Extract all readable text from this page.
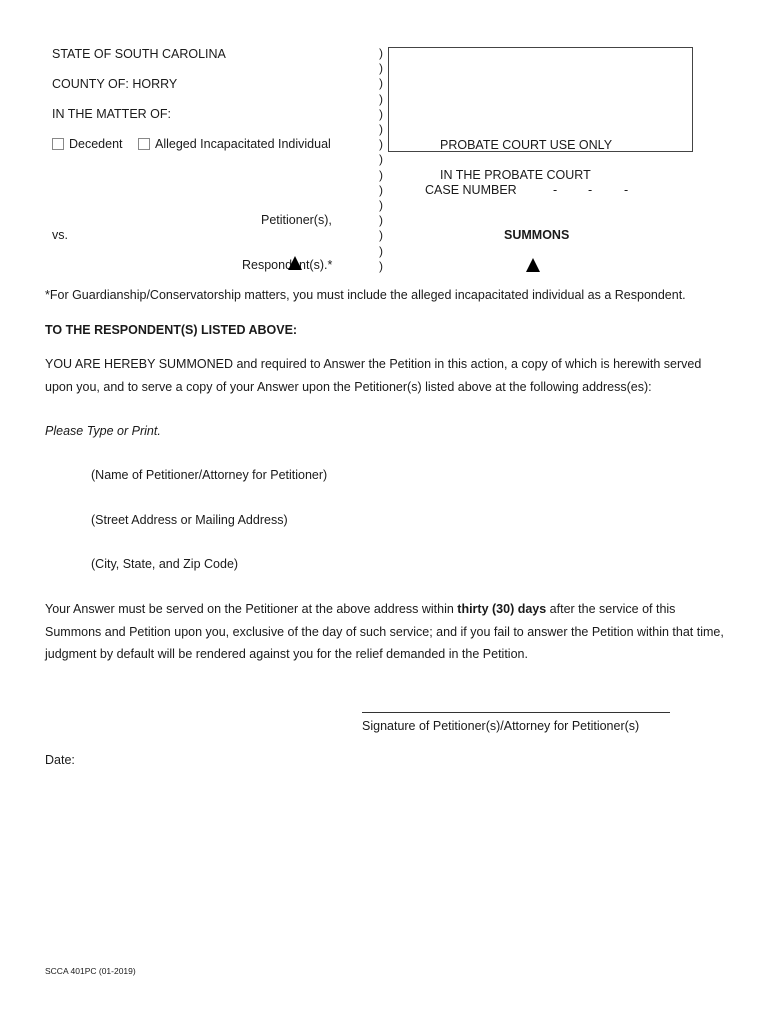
STATE OF SOUTH CAROLINA
COUNTY OF: HORRY
IN THE MATTER OF:
Decedent	Alleged Incapacitated Individual
Petitioner(s),
vs.
Respondent(s).*
)
)
)
)
)
)
)
)
)
)
)
)
)
)
)
PROBATE COURT USE ONLY
IN THE PROBATE COURT
CASE NUMBER	- -	-
SUMMONS
*For Guardianship/Conservatorship matters, you must include the alleged incapacitated individual as a Respondent.
TO THE RESPONDENT(S) LISTED ABOVE:
YOU ARE HEREBY SUMMONED and required to Answer the Petition in this action, a copy of which is herewith served upon you, and to serve a copy of your Answer upon the Petitioner(s) listed above at the following address(es):
Please Type or Print.
(Name of Petitioner/Attorney for Petitioner)
(Street Address or Mailing Address)
(City, State, and Zip Code)
Your Answer must be served on the Petitioner at the above address within thirty (30) days after the service of this Summons and Petition upon you, exclusive of the day of such service; and if you fail to answer the Petition within that time, judgment by default will be rendered against you for the relief demanded in the Petition.
Signature of Petitioner(s)/Attorney for Petitioner(s)
Date:
SCCA 401PC (01-2019)
